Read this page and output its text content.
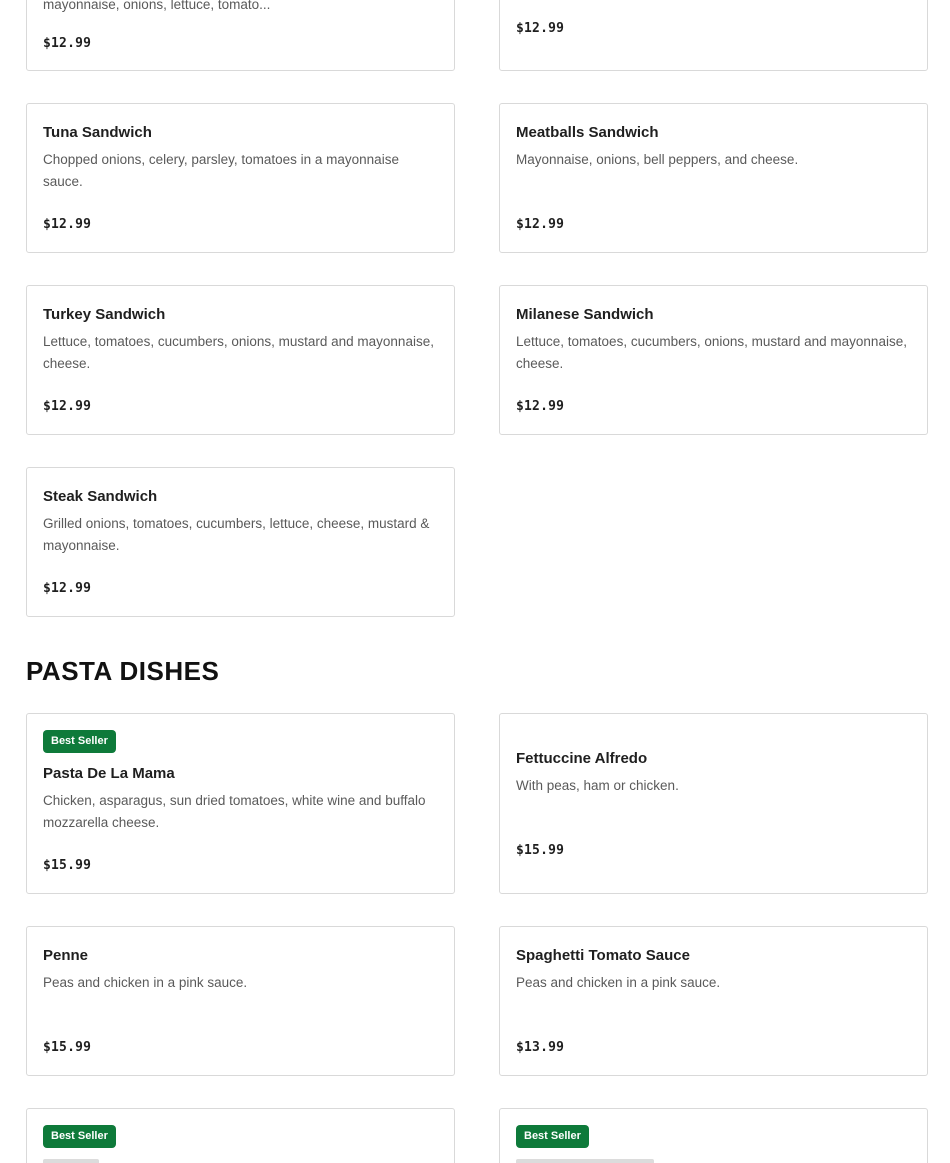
mayonnaise, onions, lettuce, tomato...
$12.99
$12.99
Tuna Sandwich
Chopped onions, celery, parsley, tomatoes in a mayonnaise sauce.
$12.99
Meatballs Sandwich
Mayonnaise, onions, bell peppers, and cheese.
$12.99
Turkey Sandwich
Lettuce, tomatoes, cucumbers, onions, mustard and mayonnaise, cheese.
$12.99
Milanese Sandwich
Lettuce, tomatoes, cucumbers, onions, mustard and mayonnaise, cheese.
$12.99
Steak Sandwich
Grilled onions, tomatoes, cucumbers, lettuce, cheese, mustard & mayonnaise.
$12.99
PASTA DISHES
Best Seller
Pasta De La Mama
Chicken, asparagus, sun dried tomatoes, white wine and buffalo mozzarella cheese.
$15.99
Fettuccine Alfredo
With peas, ham or chicken.
$15.99
Penne
Peas and chicken in a pink sauce.
$15.99
Spaghetti Tomato Sauce
Peas and chicken in a pink sauce.
$13.99
Best Seller	Best Seller
